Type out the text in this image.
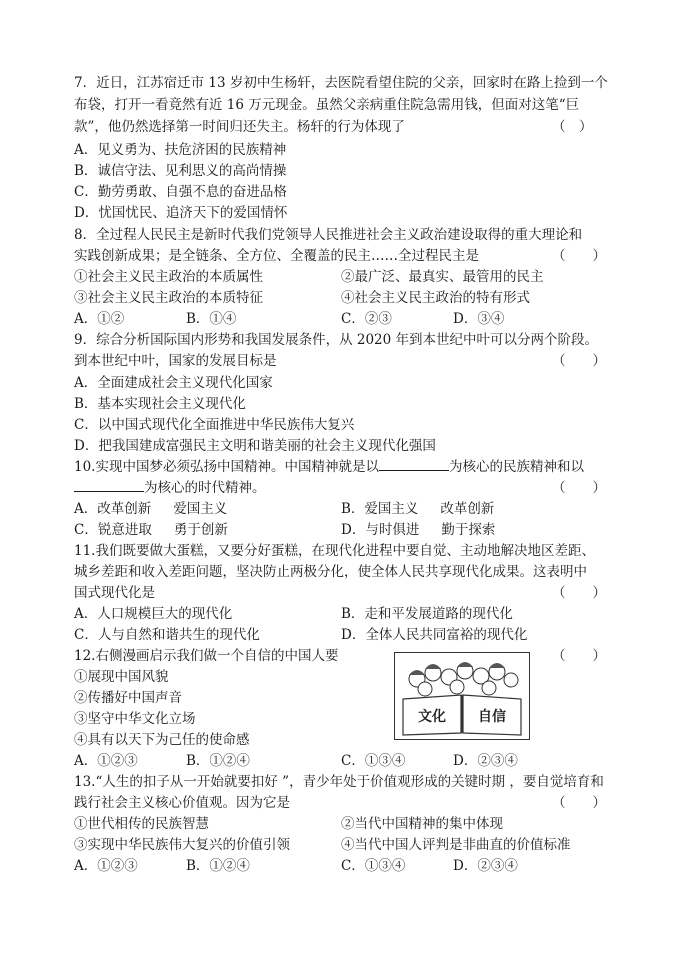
7．近日，江苏宿迁市 13 岁初中生杨轩，去医院看望住院的父亲，回家时在路上捡到一个
布袋，打开一看竟然有近 16 万元现金。虽然父亲病重住院急需用钱，但面对这笔“巨
款”，他仍然选择第一时间归还失主。杨轩的行为体现了	（　）
A．见义勇为、扶危济困的民族精神
B．诚信守法、见利思义的高尚情操
C．勤劳勇敢、自强不息的奋进品格
D．忧国忧民、追济天下的爱国情怀
8．全过程人民民主是新时代我们党领导人民推进社会主义政治建设取得的重大理论和
实践创新成果；是全链条、全方位、全覆盖的民主……全过程民主是	（　　）
①社会主义民主政治的本质属性	②最广泛、最真实、最管用的民主
③社会主义民主政治的本质特征	④社会主义民主政治的特有形式
A．①②	B．①④	C．②③	D．③④
9．综合分析国际国内形势和我国发展条件，从 2020 年到本世纪中叶可以分两个阶段。
到本世纪中叶，国家的发展目标是	（　　）
A．全面建成社会主义现代化国家
B．基本实现社会主义现代化
C．以中国式现代化全面推进中华民族伟大复兴
D．把我国建成富强民主文明和谐美丽的社会主义现代化强国
10.实现中国梦必须弘扬中国精神。中国精神就是以	为核心的民族精神和以
为核心的时代精神。	（　　）
A．改革创新 爱国主义	B．爱国主义 改革创新
C．锐意进取 勇于创新	D．与时俱进 勤于探索
11.我们既要做大蛋糕，又要分好蛋糕，在现代化进程中要自觉、主动地解决地区差距、
城乡差距和收入差距问题，坚决防止两极分化，使全体人民共享现代化成果。这表明中
国式现代化是	（　　）
A．人口规模巨大的现代化	B．走和平发展道路的现代化
C．人与自然和谐共生的现代化	D．全体人民共同富裕的现代化
12.右侧漫画启示我们做一个自信的中国人要	（　　）
①展现中国风貌
②传播好中国声音
③坚守中华文化立场
④具有以天下为己任的使命感
A．①②③	B．①②④	C．①③④	D．②③④
文化 自信
13.“人生的扣子从一开始就要扣好 ”，青少年处于价值观形成的关键时期 ，要自觉培育和
践行社会主义核心价值观。因为它是	（　　）
①世代相传的民族智慧	②当代中国精神的集中体现
③实现中华民族伟大复兴的价值引领	④当代中国人评判是非曲直的价值标准
A．①②③	B．①②④	C．①③④	D．②③④
